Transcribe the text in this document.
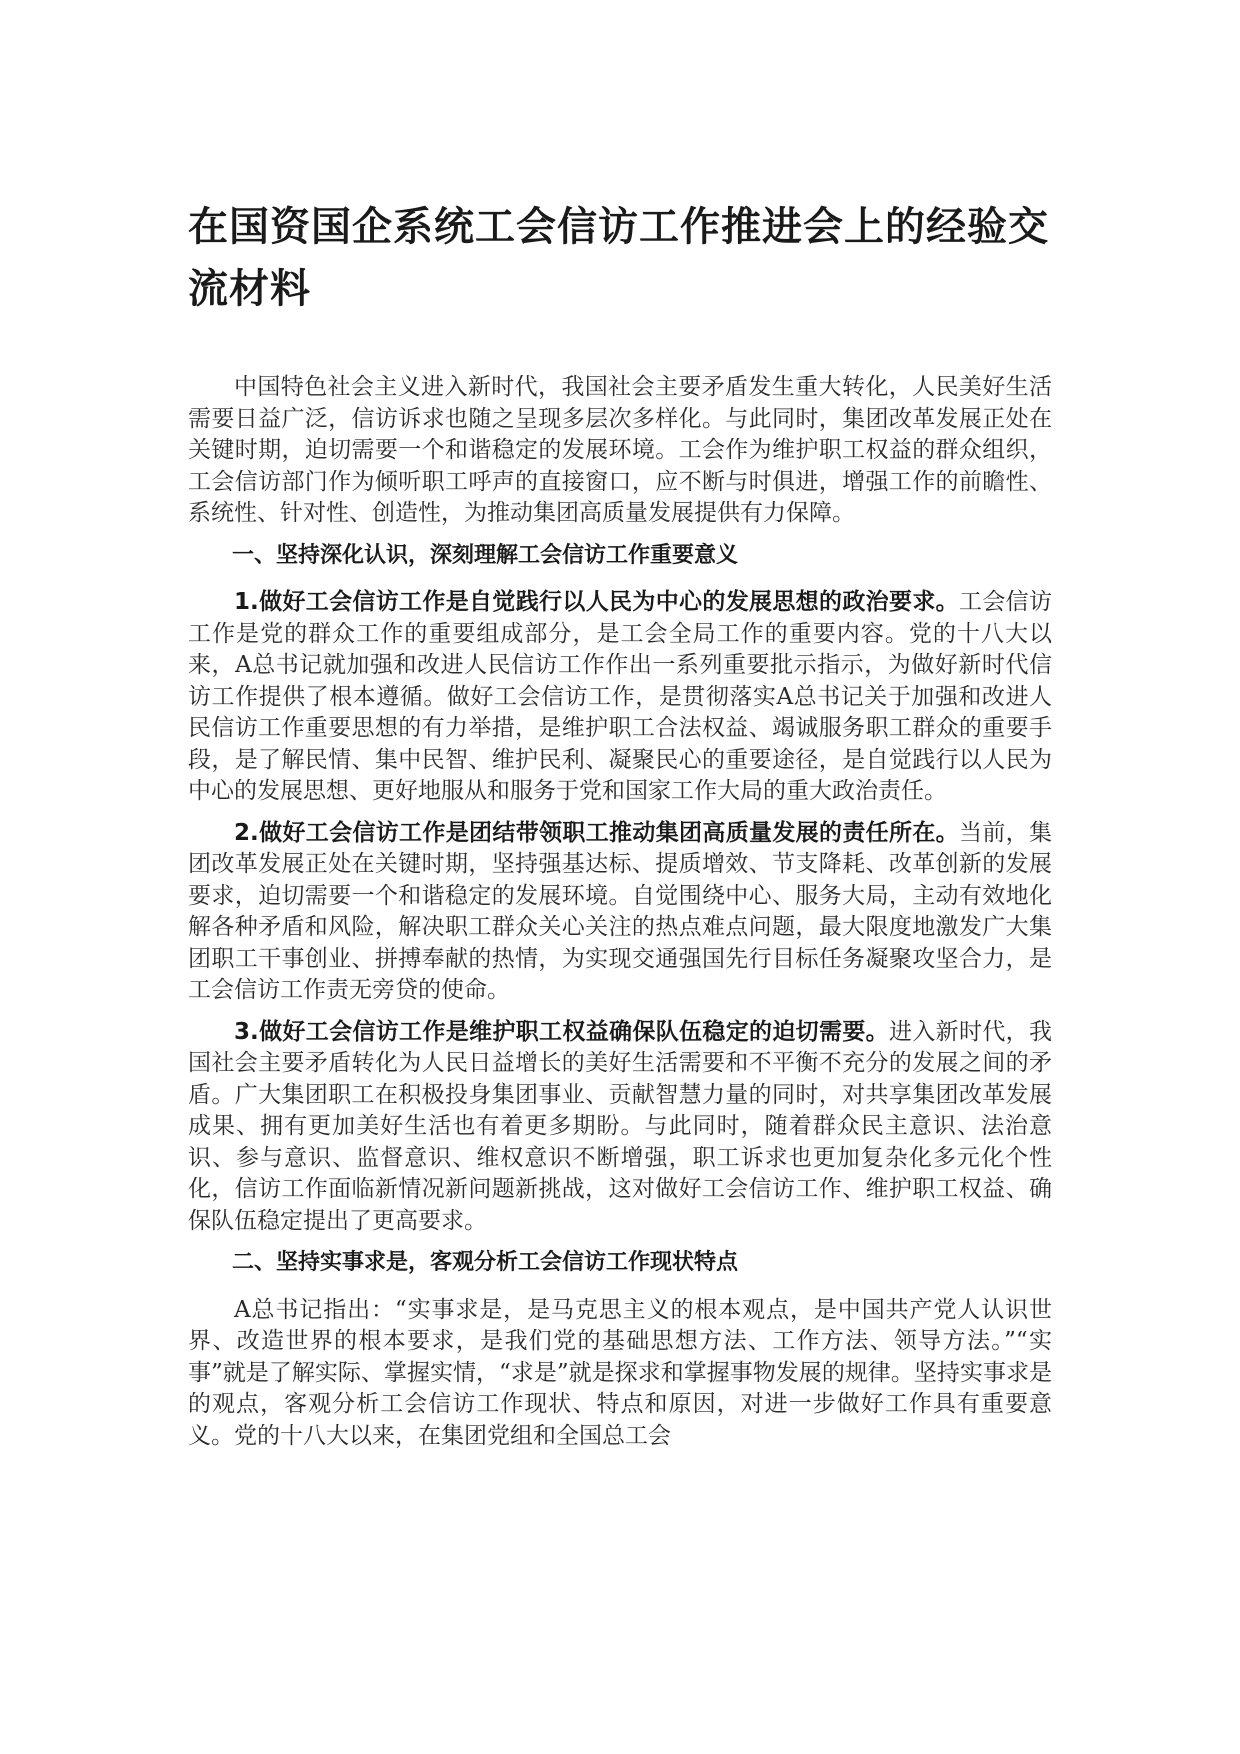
在国资国企系统工会信访工作推进会上的经验交流材料

中国特色社会主义进入新时代，我国社会主要矛盾发生重大转化，人民美好生活需要日益广泛，信访诉求也随之呈现多层次多样化。与此同时，集团改革发展正处在关键时期，迫切需要一个和谐稳定的发展环境。工会作为维护职工权益的群众组织，工会信访部门作为倾听职工呼声的直接窗口，应不断与时俱进，增强工作的前瞻性、系统性、针对性、创造性，为推动集团高质量发展提供有力保障。

一、坚持深化认识，深刻理解工会信访工作重要意义

1.做好工会信访工作是自觉践行以人民为中心的发展思想的政治要求。工会信访工作是党的群众工作的重要组成部分，是工会全局工作的重要内容。党的十八大以来，A总书记就加强和改进人民信访工作作出一系列重要批示指示，为做好新时代信访工作提供了根本遵循。做好工会信访工作，是贯彻落实A总书记关于加强和改进人民信访工作重要思想的有力举措，是维护职工合法权益、竭诚服务职工群众的重要手段，是了解民情、集中民智、维护民利、凝聚民心的重要途径，是自觉践行以人民为中心的发展思想、更好地服从和服务于党和国家工作大局的重大政治责任。

2.做好工会信访工作是团结带领职工推动集团高质量发展的责任所在。当前，集团改革发展正处在关键时期，坚持强基达标、提质增效、节支降耗、改革创新的发展要求，迫切需要一个和谐稳定的发展环境。自觉围绕中心、服务大局，主动有效地化解各种矛盾和风险，解决职工群众关心关注的热点难点问题，最大限度地激发广大集团职工干事创业、拼搏奉献的热情，为实现交通强国先行目标任务凝聚攻坚合力，是工会信访工作责无旁贷的使命。

3.做好工会信访工作是维护职工权益确保队伍稳定的迫切需要。进入新时代，我国社会主要矛盾转化为人民日益增长的美好生活需要和不平衡不充分的发展之间的矛盾。广大集团职工在积极投身集团事业、贡献智慧力量的同时，对共享集团改革发展成果、拥有更加美好生活也有着更多期盼。与此同时，随着群众民主意识、法治意识、参与意识、监督意识、维权意识不断增强，职工诉求也更加复杂化多元化个性化，信访工作面临新情况新问题新挑战，这对做好工会信访工作、维护职工权益、确保队伍稳定提出了更高要求。

二、坚持实事求是，客观分析工会信访工作现状特点

A总书记指出：“实事求是，是马克思主义的根本观点，是中国共产党人认识世界、改造世界的根本要求，是我们党的基础思想方法、工作方法、领导方法。”“实事”就是了解实际、掌握实情，“求是”就是探求和掌握事物发展的规律。坚持实事求是的观点，客观分析工会信访工作现状、特点和原因，对进一步做好工作具有重要意义。党的十八大以来，在集团党组和全国总工会
